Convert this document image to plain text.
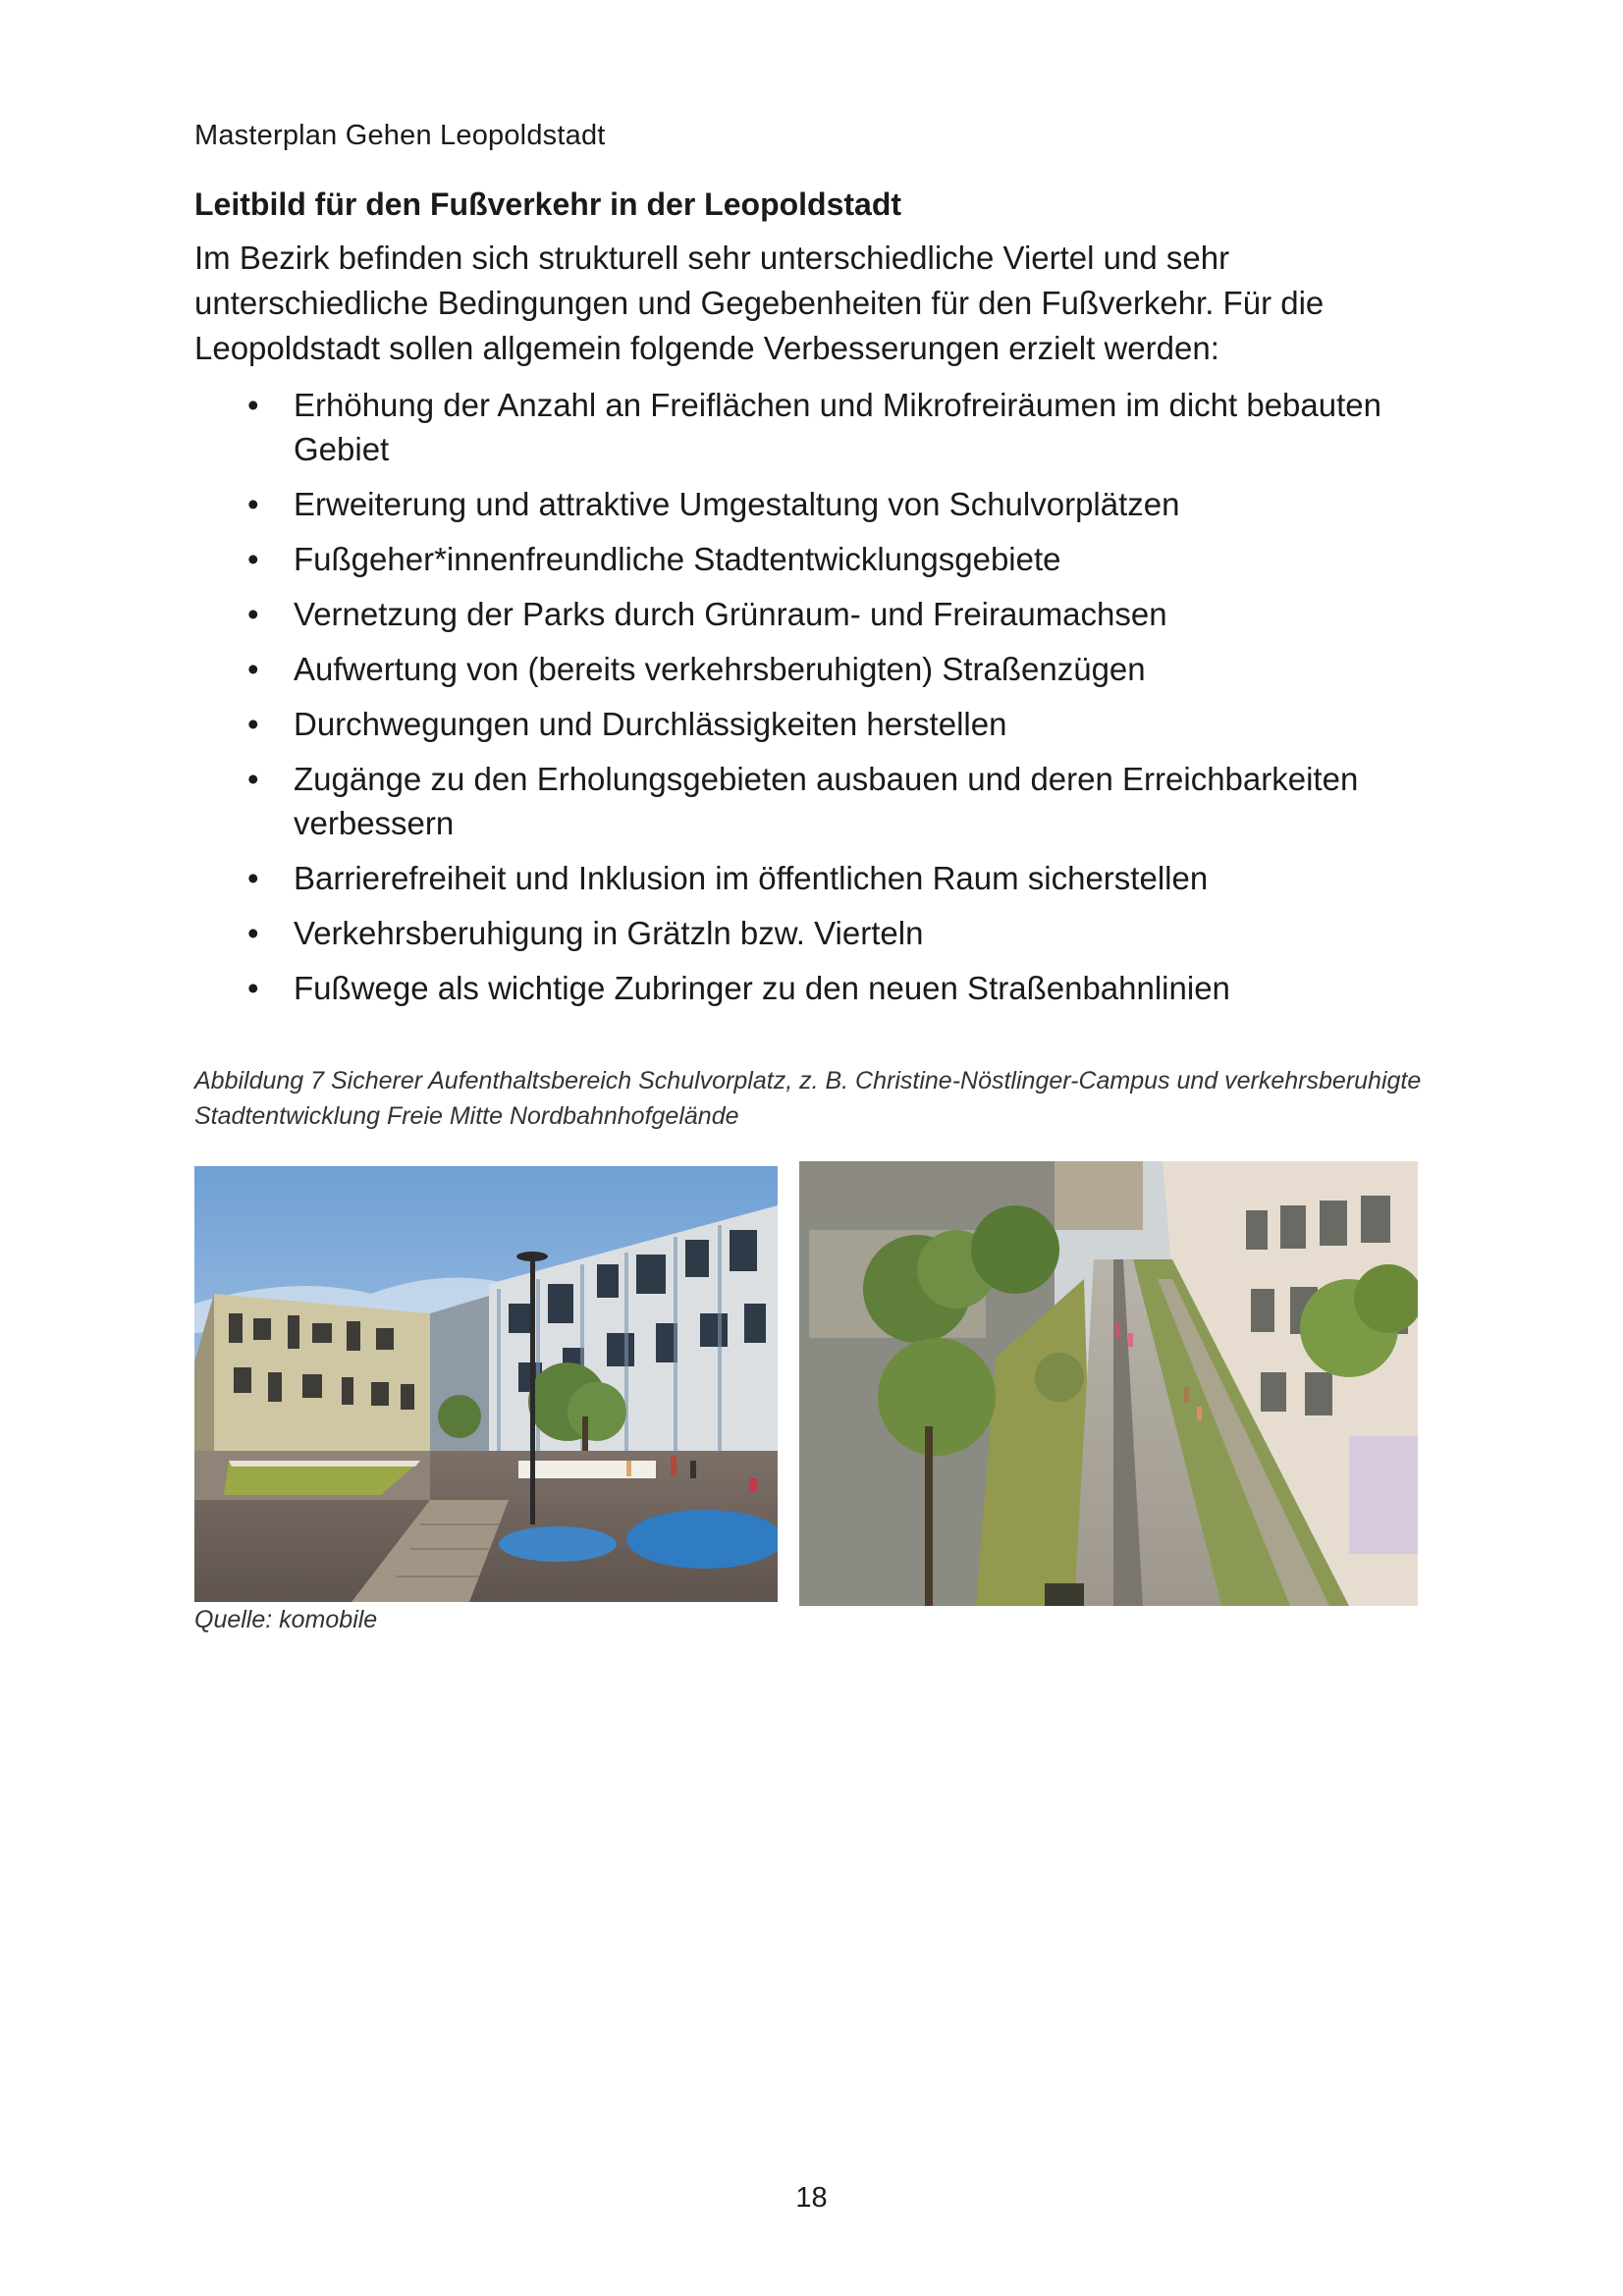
Masterplan Gehen Leopoldstadt
Leitbild für den Fußverkehr in der Leopoldstadt

Im Bezirk befinden sich strukturell sehr unterschiedliche Viertel und sehr unterschiedliche Bedingungen und Gegebenheiten für den Fußverkehr. Für die Leopoldstadt sollen allgemein folgende Verbesserungen erzielt werden:

• Erhöhung der Anzahl an Freiflächen und Mikrofreiräumen im dicht bebauten Gebiet
• Erweiterung und attraktive Umgestaltung von Schulvorplätzen
• Fußgeher*innenfreundliche Stadtentwicklungsgebiete
• Vernetzung der Parks durch Grünraum- und Freiraumachsen
• Aufwertung von (bereits verkehrsberuhigten) Straßenzügen
• Durchwegungen und Durchlässigkeiten herstellen
• Zugänge zu den Erholungsgebieten ausbauen und deren Erreichbarkeiten verbessern
• Barrierefreiheit und Inklusion im öffentlichen Raum sicherstellen
• Verkehrsberuhigung in Grätzln bzw. Vierteln
• Fußwege als wichtige Zubringer zu den neuen Straßenbahnlinien

Abbildung 7 Sicherer Aufenthaltsbereich Schulvorplatz, z. B. Christine-Nöstlinger-Campus und verkehrsberuhigte Stadtentwicklung Freie Mitte Nordbahnhofgelände

Quelle: komobile
18
